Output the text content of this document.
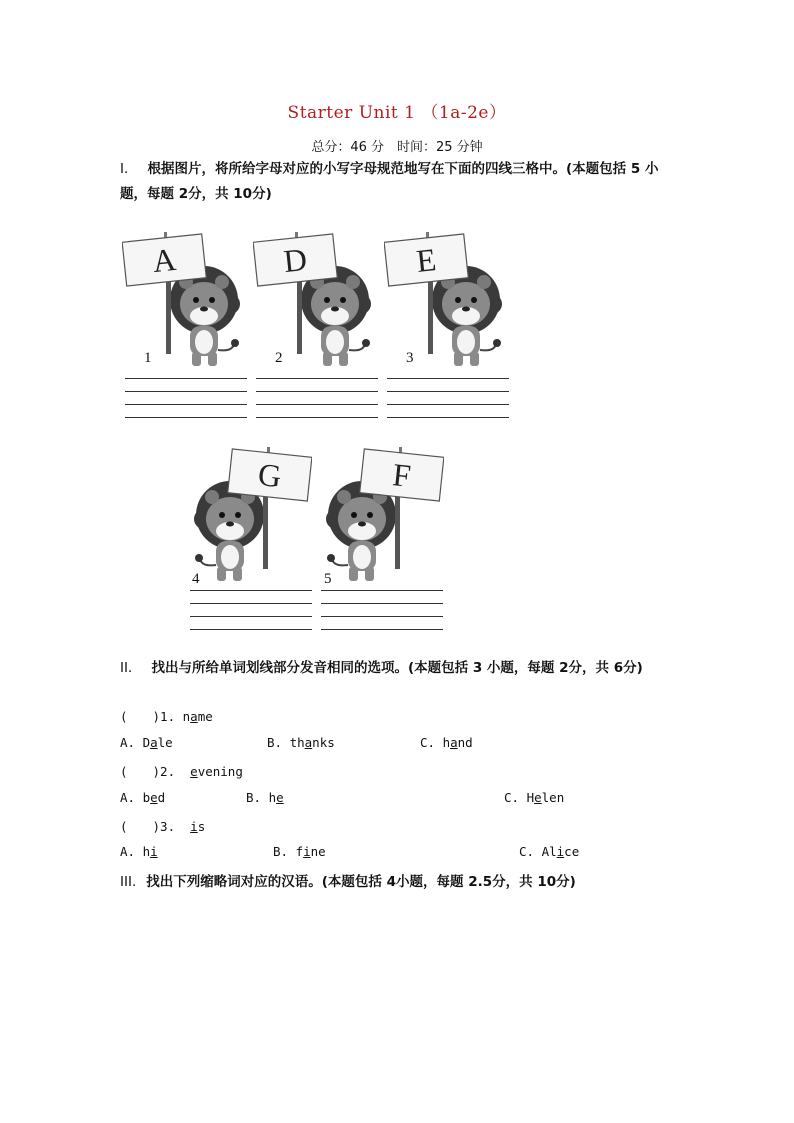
Starter Unit 1 （1a-2e）
总分：46 分　时间：25 分钟
I． 根据图片，将所给字母对应的小写字母规范地写在下面的四线三格中。(本题包括 5 小题，每题 2分，共 10分)
A
1
D
2
E
3
G
4
F
5
II． 找出与所给单词划线部分发音相同的选项。(本题包括 3 小题，每题 2分，共 6分)
(　　)1. name
A. Dale	B. thanks	C. hand
(　　)2. evening
A. bed	B. he	C. Helen
(　　)3. is
A. hi	B. fine	C. Alice
III. 找出下列缩略词对应的汉语。(本题包括 4小题，每题 2.5分，共 10分)
